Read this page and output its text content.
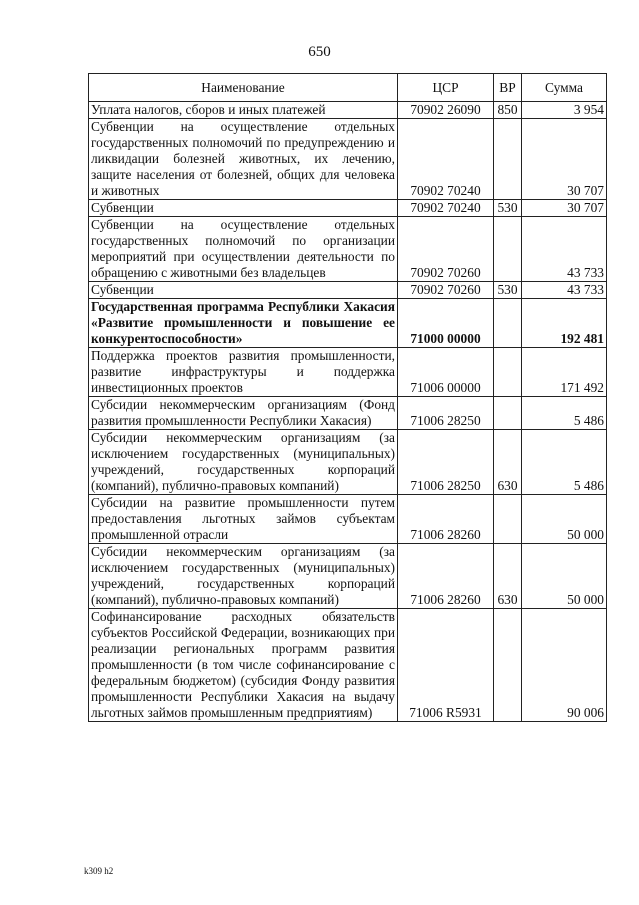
650
Наименование	ЦСР	ВР	Сумма
Уплата налогов, сборов и иных платежей	70902 26090	850	3 954
Субвенции на осуществление отдельных государственных полномочий по предупреждению и ликвидации болезней животных, их лечению, защите населения от болезней, общих для человека и животных	70902 70240		30 707
Субвенции	70902 70240	530	30 707
Субвенции на осуществление отдельных государственных полномочий по организации мероприятий при осуществлении деятельности по обращению с животными без владельцев	70902 70260		43 733
Субвенции	70902 70260	530	43 733
Государственная программа Республики Хакасия «Развитие промышленности и повышение ее конкурентоспособности»	71000 00000		192 481
Поддержка проектов развития промышленности, развитие инфраструктуры и поддержка инвестиционных проектов	71006 00000		171 492
Субсидии некоммерческим организациям (Фонд развития промышленности Республики Хакасия)	71006 28250		5 486
Субсидии некоммерческим организациям (за исключением государственных (муниципальных) учреждений, государственных корпораций (компаний), публично-правовых компаний)	71006 28250	630	5 486
Субсидии на развитие промышленности путем предоставления льготных займов субъектам промышленной отрасли	71006 28260		50 000
Субсидии некоммерческим организациям (за исключением государственных (муниципальных) учреждений, государственных корпораций (компаний), публично-правовых компаний)	71006 28260	630	50 000
Софинансирование расходных обязательств субъектов Российской Федерации, возникающих при реализации региональных программ развития промышленности (в том числе софинансирование с федеральным бюджетом) (субсидия Фонду развития промышленности Республики Хакасия на выдачу льготных займов промышленным предприятиям)	71006 R5931		90 006
k309 h2
